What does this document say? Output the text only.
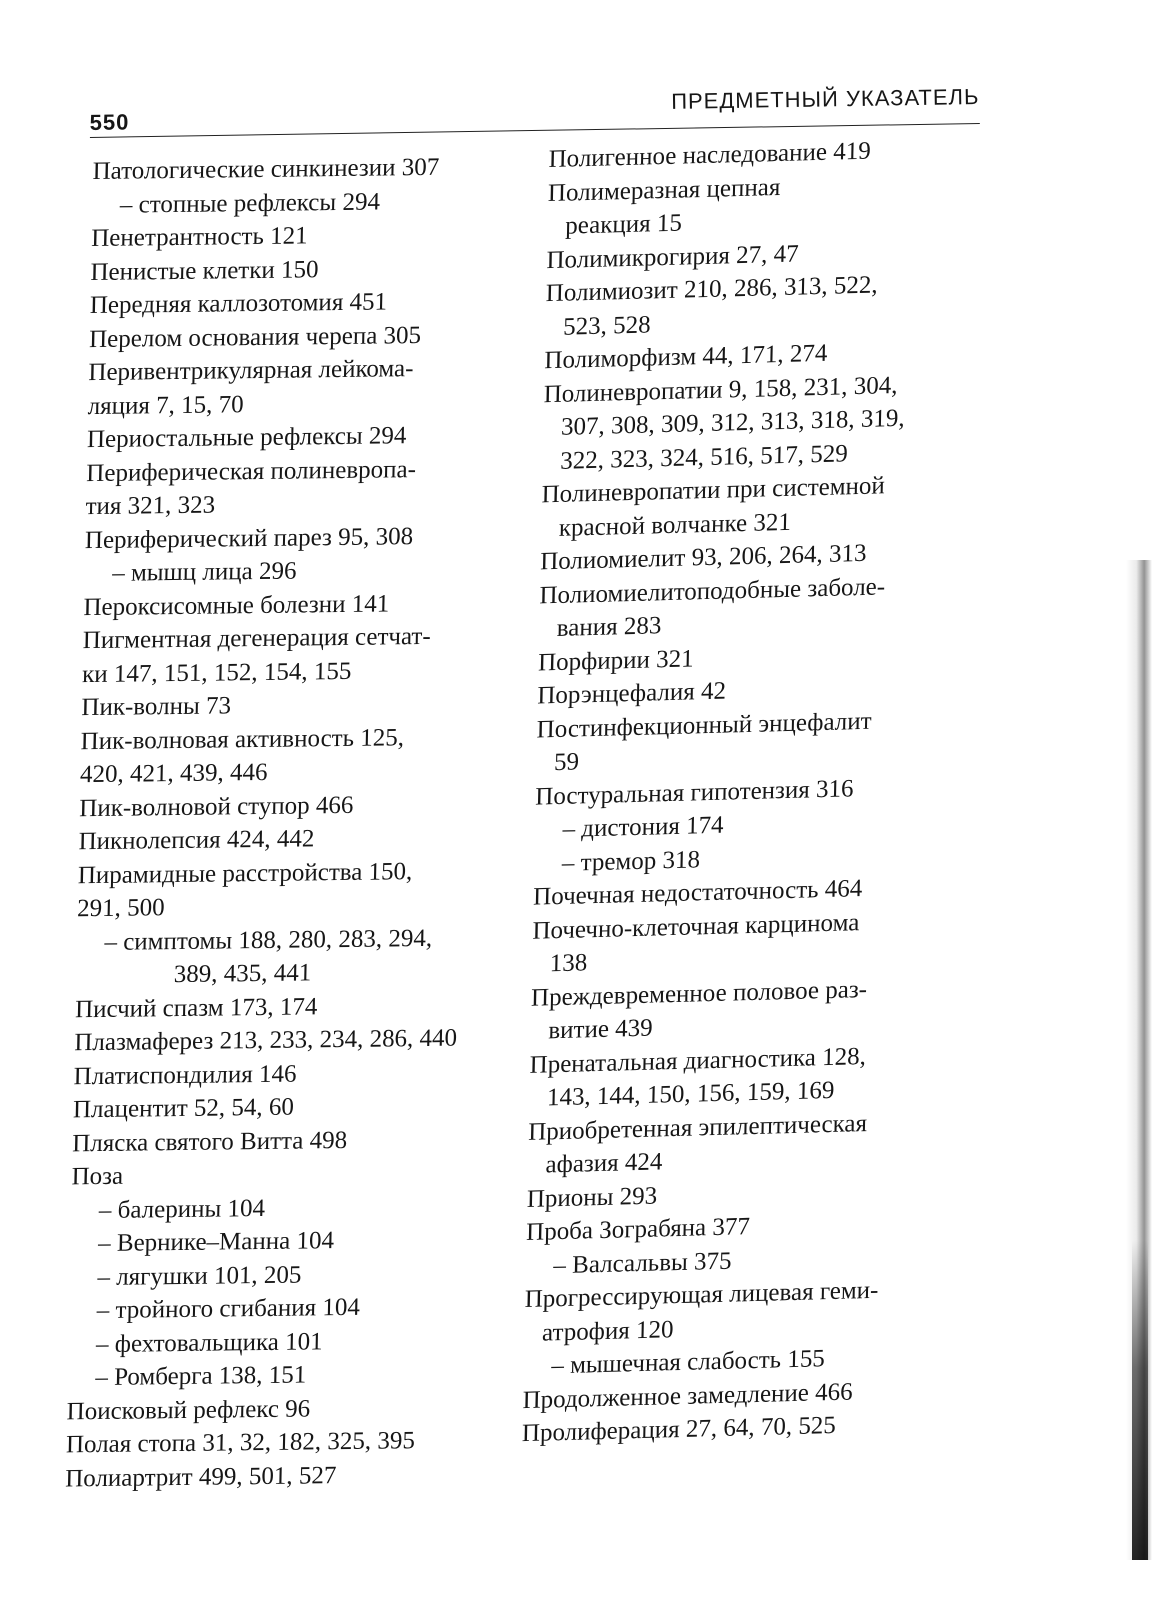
550
ПРЕДМЕТНЫЙ УКАЗАТЕЛЬ
Патологические синкинезии 307
– стопные рефлексы 294
Пенетрантность 121
Пенистые клетки 150
Передняя каллозотомия 451
Перелом основания черепа 305
Перивентрикулярная лейкома-
ляция 7, 15, 70
Периостальные рефлексы 294
Периферическая полиневропа-
тия 321, 323
Периферический парез 95, 308
– мышц лица 296
Пероксисомные болезни 141
Пигментная дегенерация сетчат-
ки 147, 151, 152, 154, 155
Пик-волны 73
Пик-волновая активность 125,
420, 421, 439, 446
Пик-волновой ступор 466
Пикнолепсия 424, 442
Пирамидные расстройства 150,
291, 500
– симптомы 188, 280, 283, 294,
389, 435, 441
Писчий спазм 173, 174
Плазмаферез 213, 233, 234, 286, 440
Платиспондилия 146
Плацентит 52, 54, 60
Пляска святого Витта 498
Поза
– балерины 104
– Вернике–Манна 104
– лягушки 101, 205
– тройного сгибания 104
– фехтовальщика 101
– Ромберга 138, 151
Поисковый рефлекс 96
Полая стопа 31, 32, 182, 325, 395
Полиартрит 499, 501, 527
Полигенное наследование 419
Полимеразная цепная
реакция 15
Полимикрогирия 27, 47
Полимиозит 210, 286, 313, 522,
523, 528
Полиморфизм 44, 171, 274
Полиневропатии 9, 158, 231, 304,
307, 308, 309, 312, 313, 318, 319,
322, 323, 324, 516, 517, 529
Полиневропатии при системной
красной волчанке 321
Полиомиелит 93, 206, 264, 313
Полиомиелитоподобные заболе-
вания 283
Порфирии 321
Порэнцефалия 42
Постинфекционный энцефалит
59
Постуральная гипотензия 316
– дистония 174
– тремор 318
Почечная недостаточность 464
Почечно-клеточная карцинома
138
Преждевременное половое раз-
витие 439
Пренатальная диагностика 128,
143, 144, 150, 156, 159, 169
Приобретенная эпилептическая
афазия 424
Прионы 293
Проба Зограбяна 377
– Валсальвы 375
Прогрессирующая лицевая геми-
атрофия 120
– мышечная слабость 155
Продолженное замедление 466
Пролиферация 27, 64, 70, 525
